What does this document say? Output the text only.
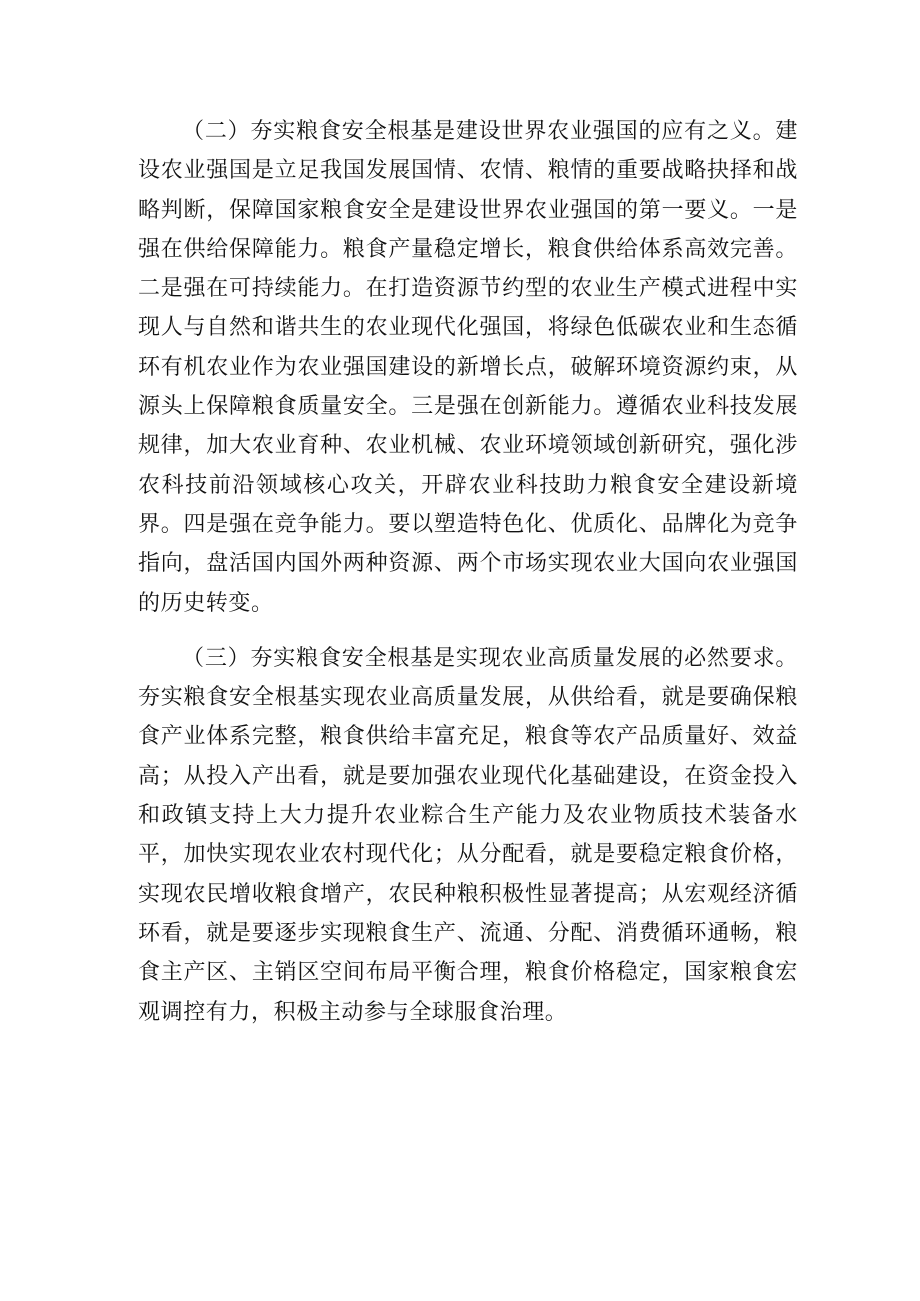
（二）夯实粮食安全根基是建设世界农业强国的应有之义。建设农业强国是立足我国发展国情、农情、粮情的重要战略抉择和战略判断，保障国家粮食安全是建设世界农业强国的第一要义。一是强在供给保障能力。粮食产量稳定增长，粮食供给体系高效完善。二是强在可持续能力。在打造资源节约型的农业生产模式进程中实现人与自然和谐共生的农业现代化强国，将绿色低碳农业和生态循环有机农业作为农业强国建设的新增长点，破解环境资源约束，从源头上保障粮食质量安全。三是强在创新能力。遵循农业科技发展规律，加大农业育种、农业机械、农业环境领域创新研究，强化涉农科技前沿领域核心攻关，开辟农业科技助力粮食安全建设新境界。四是强在竞争能力。要以塑造特色化、优质化、品牌化为竞争指向，盘活国内国外两种资源、两个市场实现农业大国向农业强国的历史转变。

（三）夯实粮食安全根基是实现农业高质量发展的必然要求。夯实粮食安全根基实现农业高质量发展，从供给看，就是要确保粮食产业体系完整，粮食供给丰富充足，粮食等农产品质量好、效益高；从投入产出看，就是要加强农业现代化基础建设，在资金投入和政镇支持上大力提升农业粽合生产能力及农业物质技术装备水平，加快实现农业农村现代化；从分配看，就是要稳定粮食价格，实现农民增收粮食增产，农民种粮积极性显著提高；从宏观经济循环看，就是要逐步实现粮食生产、流通、分配、消费循环通畅，粮食主产区、主销区空间布局平衡合理，粮食价格稳定，国家粮食宏观调控有力，积极主动参与全球服食治理。
